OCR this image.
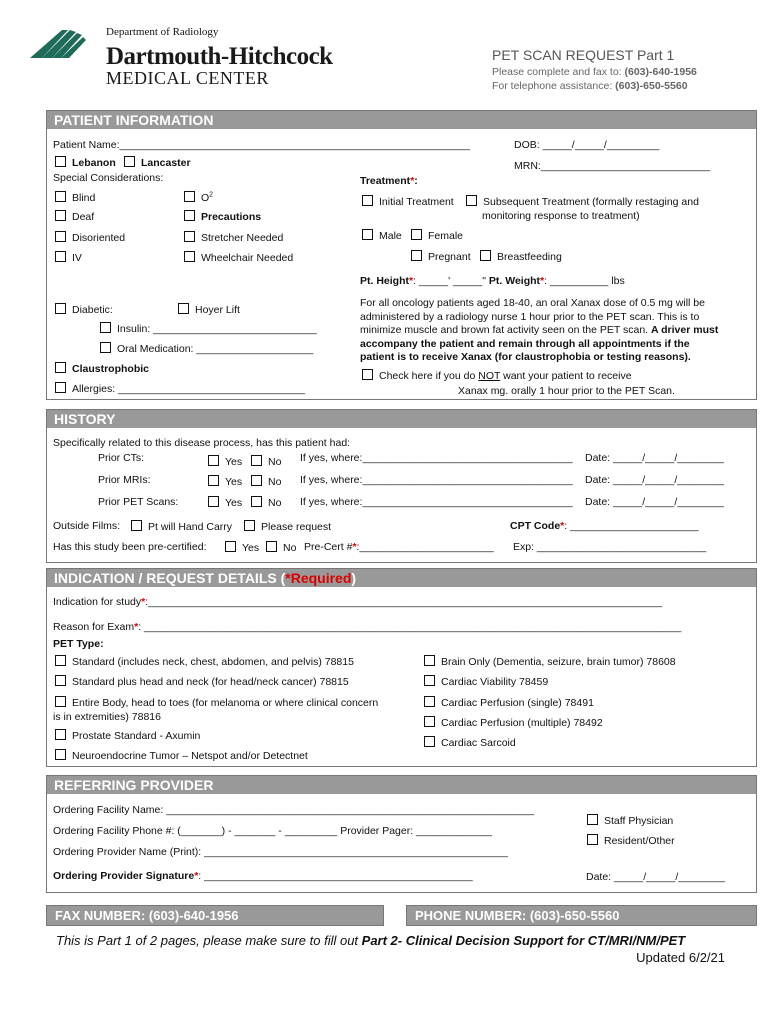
Department of Radiology
Dartmouth-Hitchcock
MEDICAL CENTER
PET SCAN REQUEST Part 1
Please complete and fax to: (603)-640-1956
For telephone assistance: (603)-650-5560
PATIENT INFORMATION
Patient Name:____________________________________________________________	DOB: _____/_____/_________
Lebanon	Lancaster	MRN:_____________________________
Special Considerations:	Treatment*:
Blind	$O^2$
Initial Treatment	Subsequent Treatment (formally restaging and
monitoring response to treatment)
Deaf	Precautions
Disoriented	Stretcher Needed	Male	Female
IV	Wheelchair Needed	Pregnant	Breastfeeding
Pt. Height*: _____' _____" Pt. Weight*: __________ lbs
Diabetic:	Hoyer Lift
Insulin: ____________________________
Oral Medication: ____________________
Claustrophobic
Allergies: ________________________________
For all oncology patients aged 18-40, an oral Xanax dose of 0.5 mg will be
administered by a radiology nurse 1 hour prior to the PET scan. This is to
minimize muscle and brown fat activity seen on the PET scan. A driver must
accompany the patient and remain through all appointments if the
patient is to receive Xanax (for claustrophobia or testing reasons).
Check here if you do NOT want your patient to receive
Xanax mg. orally 1 hour prior to the PET Scan.
HISTORY
Specifically related to this disease process, has this patient had:
Prior CTs:	Yes	No If yes, where:____________________________________ Date: _____/_____/________
Prior MRIs:	Yes	No If yes, where:____________________________________ Date: _____/_____/________
Prior PET Scans:	Yes	No If yes, where:____________________________________ Date: _____/_____/________
Outside Films:	Pt will Hand Carry	Please request	CPT Code*: ______________________
Has this study been pre-certified:	Yes	No Pre-Cert #*:_______________________ Exp: _____________________________
INDICATION / REQUEST DETAILS (*Required)
Indication for study*:________________________________________________________________________________________
Reason for Exam*: ____________________________________________________________________________________________
PET Type:
Standard (includes neck, chest, abdomen, and pelvis) 78815
Standard plus head and neck (for head/neck cancer) 78815
Entire Body, head to toes (for melanoma or where clinical concern
is in extremities) 78816
Prostate Standard - Axumin
Neuroendocrine Tumor – Netspot and/or Detectnet
Brain Only (Dementia, seizure, brain tumor) 78608
Cardiac Viability 78459
Cardiac Perfusion (single) 78491
Cardiac Perfusion (multiple) 78492
Cardiac Sarcoid
REFERRING PROVIDER
Ordering Facility Name: _______________________________________________________________
Ordering Facility Phone #: (_______) - _______ - _________ Provider Pager: _____________
Ordering Provider Name (Print): ____________________________________________________
Ordering Provider Signature*: ______________________________________________
Staff Physician
Resident/Other
Date: _____/_____/________
FAX NUMBER: (603)-640-1956	PHONE NUMBER: (603)-650-5560
This is Part 1 of 2 pages, please make sure to fill out Part 2- Clinical Decision Support for CT/MRI/NM/PET
Updated 6/2/21
